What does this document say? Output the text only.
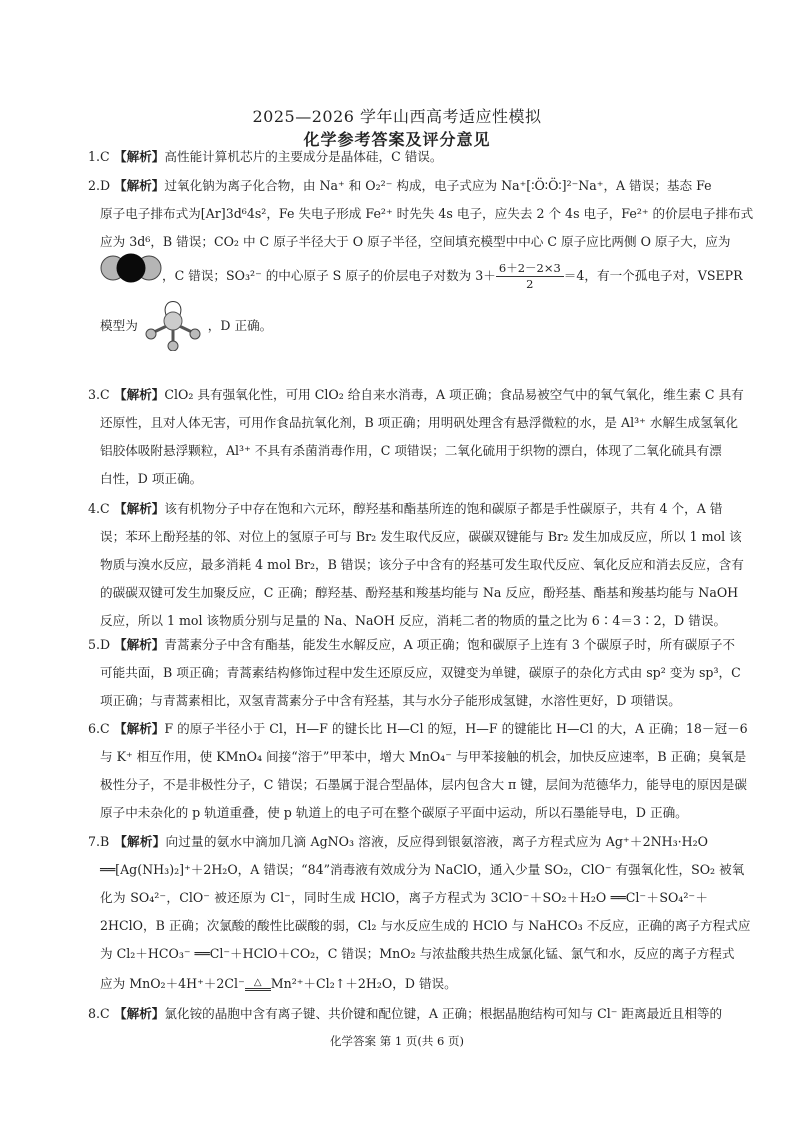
2025—2026 学年山西高考适应性模拟
化学参考答案及评分意见
1.C 【解析】高性能计算机芯片的主要成分是晶体硅，C 错误。
2.D 【解析】过氧化钠为离子化合物，由 Na⁺ 和 O₂²⁻ 构成，电子式应为 Na⁺[∶Ö∶Ö∶]²⁻Na⁺，A 错误；基态 Fe
原子电子排布式为[Ar]3d⁶4s²，Fe 失电子形成 Fe²⁺ 时先失 4s 电子，应失去 2 个 4s 电子，Fe²⁺ 的价层电子排布式
应为 3d⁶，B 错误；CO₂ 中 C 原子半径大于 O 原子半径，空间填充模型中中心 C 原子应比两侧 O 原子大，应为
，C 错误；SO₃²⁻ 的中心原子 S 原子的价层电子对数为 $3+ \frac{6+2-2\times 3}{2} =4$，有一个孤电子对，VSEPR
模型为	，D 正确。
3.C 【解析】ClO₂ 具有强氧化性，可用 ClO₂ 给自来水消毒，A 项正确；食品易被空气中的氧气氧化，维生素 C 具有
还原性，且对人体无害，可用作食品抗氧化剂，B 项正确；用明矾处理含有悬浮微粒的水，是 Al³⁺ 水解生成氢氧化
铝胶体吸附悬浮颗粒，Al³⁺ 不具有杀菌消毒作用，C 项错误；二氧化硫用于织物的漂白，体现了二氧化硫具有漂
白性，D 项正确。
4.C 【解析】该有机物分子中存在饱和六元环，醇羟基和酯基所连的饱和碳原子都是手性碳原子，共有 4 个，A 错
误；苯环上酚羟基的邻、对位上的氢原子可与 Br₂ 发生取代反应，碳碳双键能与 Br₂ 发生加成反应，所以 1 mol 该
物质与溴水反应，最多消耗 4 mol Br₂，B 错误；该分子中含有的羟基可发生取代反应、氧化反应和消去反应，含有
的碳碳双键可发生加聚反应，C 正确；醇羟基、酚羟基和羧基均能与 Na 反应，酚羟基、酯基和羧基均能与 NaOH
反应，所以 1 mol 该物质分别与足量的 Na、NaOH 反应，消耗二者的物质的量之比为 6∶4＝3∶2，D 错误。
5.D 【解析】青蒿素分子中含有酯基，能发生水解反应，A 项正确；饱和碳原子上连有 3 个碳原子时，所有碳原子不
可能共面，B 项正确；青蒿素结构修饰过程中发生还原反应，双键变为单键，碳原子的杂化方式由 sp² 变为 sp³，C
项正确；与青蒿素相比，双氢青蒿素分子中含有羟基，其与水分子能形成氢键，水溶性更好，D 项错误。
6.C 【解析】F 的原子半径小于 Cl，H—F 的键长比 H—Cl 的短，H—F 的键能比 H—Cl 的大，A 正确；18－冠－6
与 K⁺ 相互作用，使 KMnO₄ 间接“溶于”甲苯中，增大 MnO₄⁻ 与甲苯接触的机会，加快反应速率，B 正确；臭氧是
极性分子，不是非极性分子，C 错误；石墨属于混合型晶体，层内包含大 π 键，层间为范德华力，能导电的原因是碳
原子中未杂化的 p 轨道重叠，使 p 轨道上的电子可在整个碳原子平面中运动，所以石墨能导电，D 正确。
7.B 【解析】向过量的氨水中滴加几滴 AgNO₃ 溶液，反应得到银氨溶液，离子方程式应为 Ag⁺＋2NH₃·H₂O
══[Ag(NH₃)₂]⁺＋2H₂O，A 错误；“84”消毒液有效成分为 NaClO，通入少量 SO₂，ClO⁻ 有强氧化性，SO₂ 被氧
化为 SO₄²⁻，ClO⁻ 被还原为 Cl⁻，同时生成 HClO，离子方程式为 3ClO⁻＋SO₂＋H₂O ══Cl⁻＋SO₄²⁻＋
2HClO，B 正确；次氯酸的酸性比碳酸的弱，Cl₂ 与水反应生成的 HClO 与 NaHCO₃ 不反应，正确的离子方程式应
为 Cl₂＋HCO₃⁻ ══Cl⁻＋HClO＋CO₂，C 错误；MnO₂ 与浓盐酸共热生成氯化锰、氯气和水，反应的离子方程式
应为 MnO₂＋4H⁺＋2Cl⁻ △ Mn²⁺＋Cl₂↑＋2H₂O，D 错误。
8.C 【解析】氯化铵的晶胞中含有离子键、共价键和配位键，A 正确；根据晶胞结构可知与 Cl⁻ 距离最近且相等的
化学答案 第 1 页(共 6 页)
